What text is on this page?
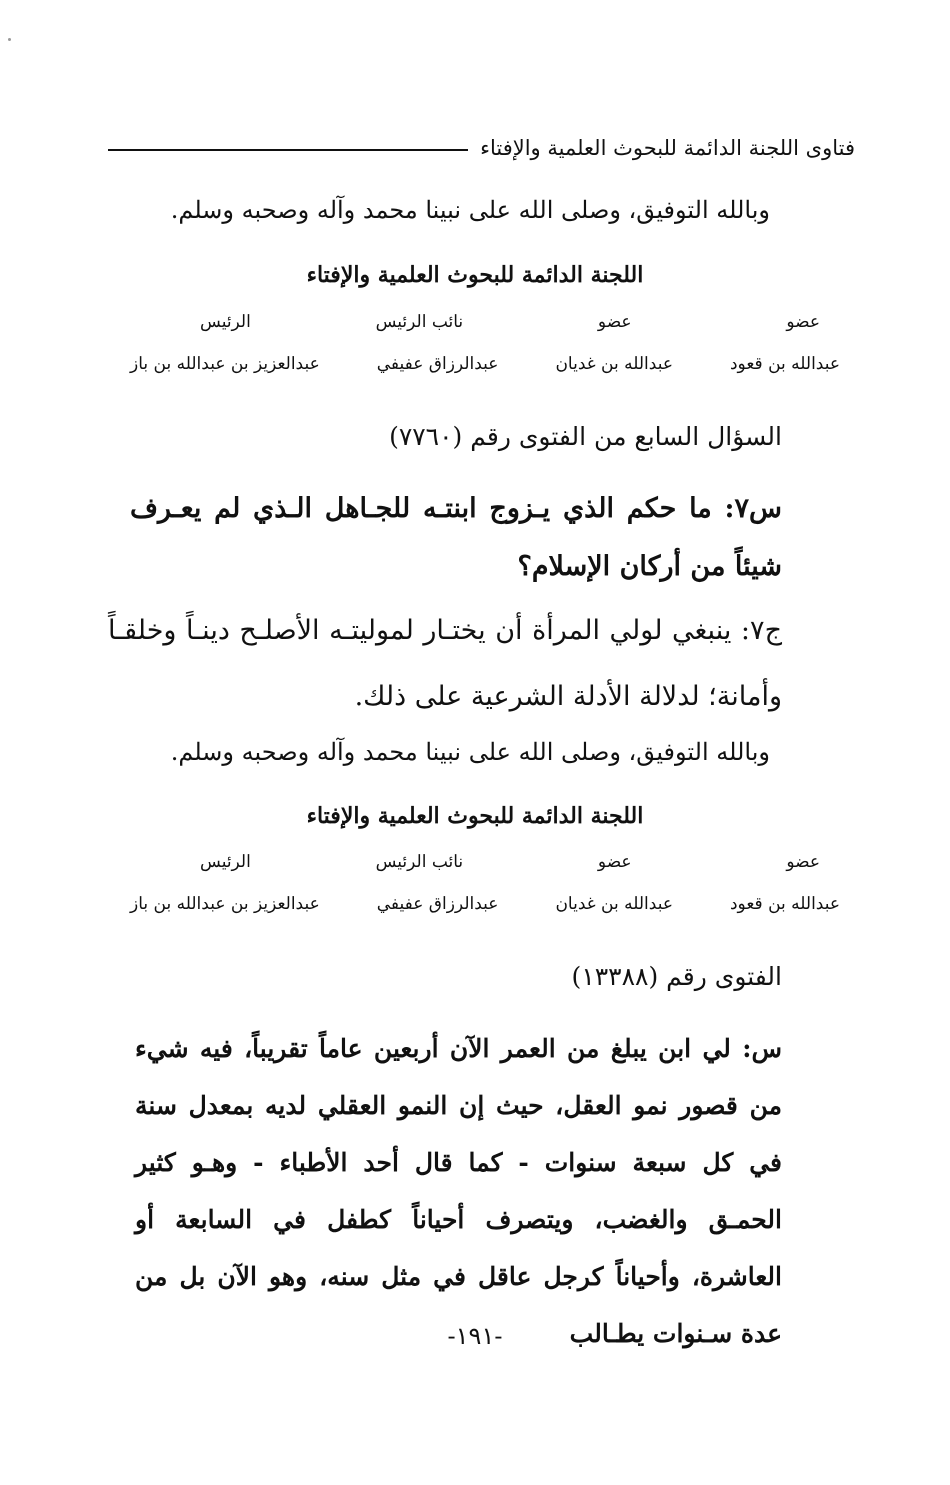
فتاوى اللجنة الدائمة للبحوث العلمية والإفتاء
وبالله التوفيق، وصلى الله على نبينا محمد وآله وصحبه وسلم.
اللجنة الدائمة للبحوث العلمية والإفتاء
عضو
عضو
نائب الرئيس
الرئيس
عبدالله بن قعود
عبدالله بن غديان
عبدالرزاق عفيفي
عبدالعزيز بن عبدالله بن باز
السؤال السابع من الفتوى رقم (٧٧٦٠)
س٧: ما حكم الذي يـزوج ابنتـه للجـاهل الـذي لم يعـرف شيئاً من أركان الإسلام؟
ج٧: ينبغي لولي المرأة أن يختـار لموليتـه الأصلـح دينـاً وخلقـاً وأمانة؛ لدلالة الأدلة الشرعية على ذلك.
وبالله التوفيق، وصلى الله على نبينا محمد وآله وصحبه وسلم.
اللجنة الدائمة للبحوث العلمية والإفتاء
عضو
عضو
نائب الرئيس
الرئيس
عبدالله بن قعود
عبدالله بن غديان
عبدالرزاق عفيفي
عبدالعزيز بن عبدالله بن باز
الفتوى رقم (١٣٣٨٨)
س: لي ابن يبلغ من العمر الآن أربعين عاماً تقريباً، فيه شيء من قصور نمو العقل، حيث إن النمو العقلي لديه بمعدل سنة في كل سبعة سنوات - كما قال أحد الأطباء - وهـو كثير الحمـق والغضب، ويتصرف أحياناً كطفل في السابعة أو العاشرة، وأحياناً كرجل عاقل في مثل سنه، وهو الآن بل من عدة سـنوات يطـالب
-١٩١-
